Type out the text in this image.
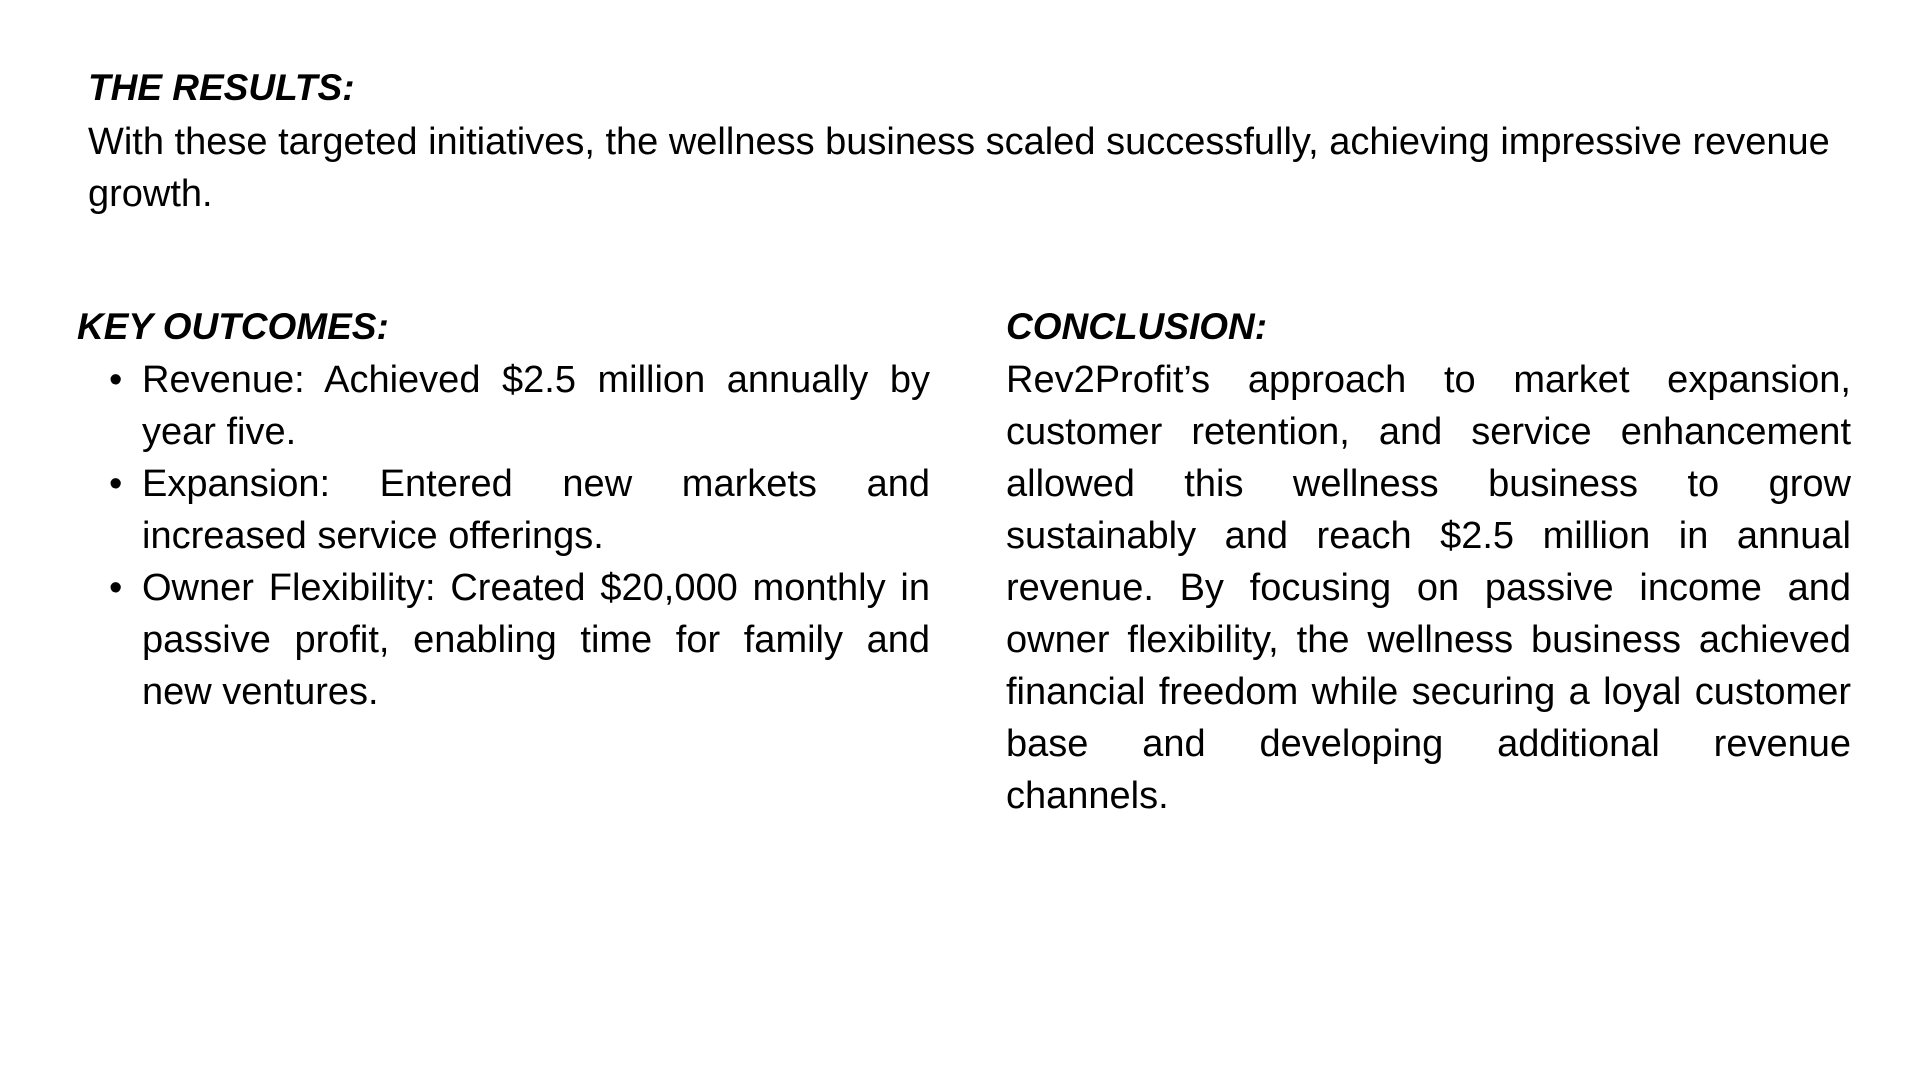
THE RESULTS:

With these targeted initiatives, the wellness business scaled successfully, achieving impressive revenue growth.

KEY OUTCOMES:
• Revenue: Achieved $2.5 million annually by year five.
• Expansion: Entered new markets and increased service offerings.
• Owner Flexibility: Created $20,000 monthly in passive profit, enabling time for family and new ventures.
CONCLUSION:

Rev2Profit’s approach to market expansion, customer retention, and service enhancement allowed this wellness business to grow sustainably and reach $2.5 million in annual revenue. By focusing on passive income and owner flexibility, the wellness business achieved financial freedom while securing a loyal customer base and developing additional revenue channels.
